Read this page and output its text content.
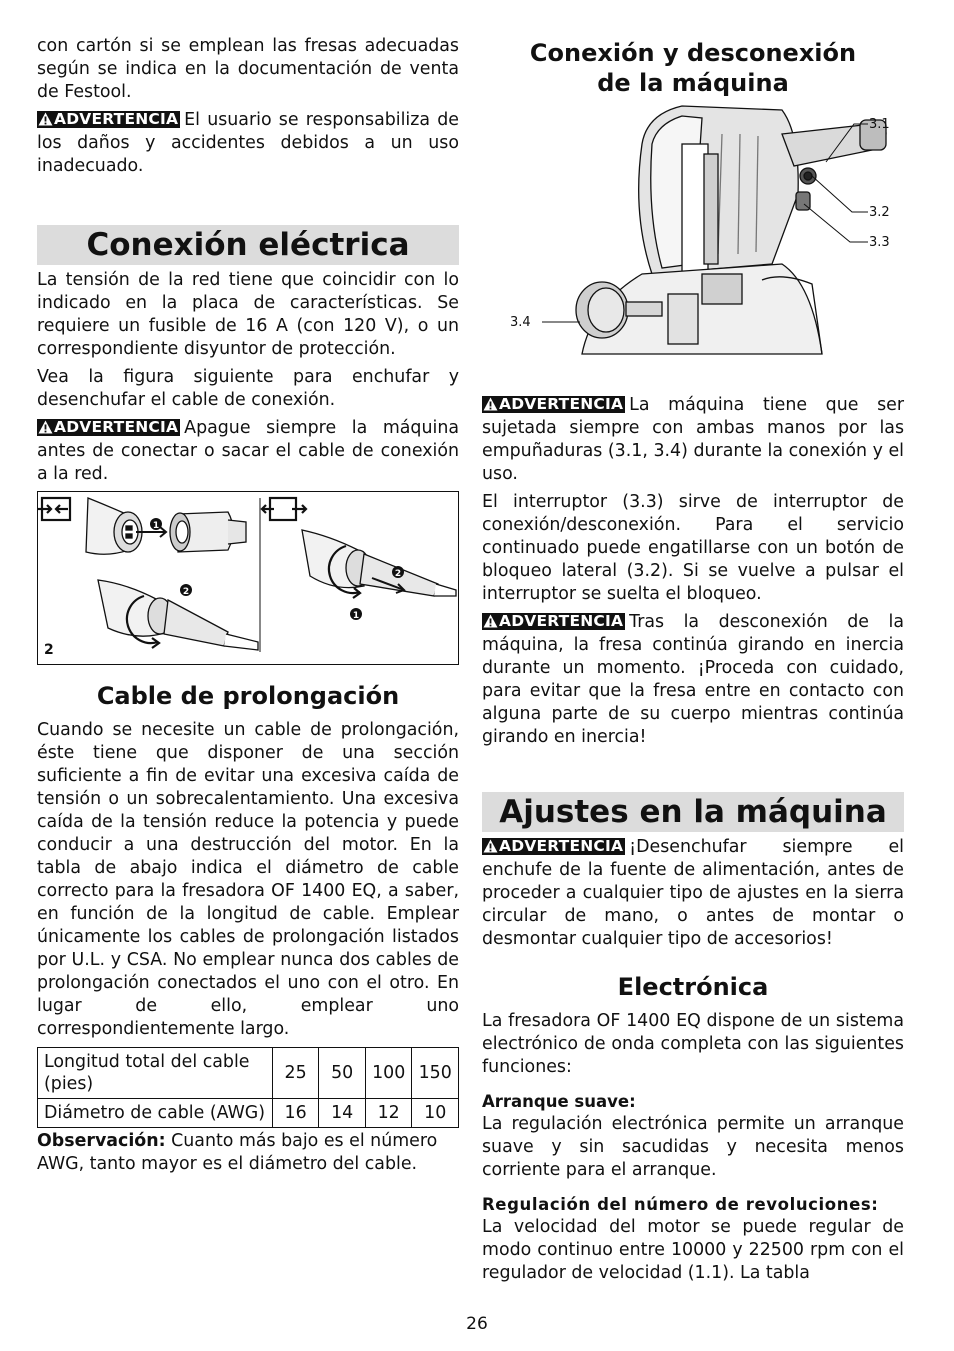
con cartón si se emplean las fresas adecuadas según se indica en la documentación de venta de Festool.

ADVERTENCIA El usuario se responsabiliza de los daños y accidentes debidos a un uso inadecuado.

Conexión eléctrica

La tensión de la red tiene que coincidir con lo indicado en la placa de características. Se requiere un fusible de 16 A (con 120 V), o un correspondiente disyuntor de protección.

Vea la figura siguiente para enchufar y desenchufar el cable de conexión.

ADVERTENCIA Apague siempre la máquina antes de conectar o sacar el cable de conexión a la red.

1
2
2
1
2
Cable de prolongación

Cuando se necesite un cable de prolongación, éste tiene que disponer de una sección suficiente a fin de evitar una excesiva caída de tensión o un sobrecalentamiento. Una excesiva caída de la tensión reduce la potencia y puede conducir a una destrucción del motor. En la tabla de abajo indica el diámetro de cable correcto para la fresadora OF 1400 EQ, a saber, en función de la longitud de cable. Emplear únicamente los cables de prolongación listados por U.L. y CSA. No emplear nunca dos cables de prolongación conectados el uno con el otro. En lugar de ello, emplear uno correspondientemente largo.

Longitud total del cable (pies)	25	50	100	150
Diámetro de cable (AWG)	16	14	12	10

Observación: Cuanto más bajo es el número AWG, tanto mayor es el diámetro del cable.

Conexión y desconexión de la máquina
3.1
3.2
3.3
3.4

ADVERTENCIA La máquina tiene que ser sujetada siempre con ambas manos por las empuñaduras (3.1, 3.4) durante la conexión y el uso.

El interruptor (3.3) sirve de interruptor de conexión/desconexión. Para el servicio continuado puede engatillarse con un botón de bloqueo lateral (3.2). Si se vuelve a pulsar el interruptor se suelta el bloqueo.

ADVERTENCIA Tras la desconexión de la máquina, la fresa continúa girando en inercia durante un momento. ¡Proceda con cuidado, para evitar que la fresa entre en contacto con alguna parte de su cuerpo mientras continúa girando en inercia!

Ajustes en la máquina

ADVERTENCIA ¡Desenchufar siempre el enchufe de la fuente de alimentación, antes de proceder a cualquier tipo de ajustes en la sierra circular de mano, o antes de montar o desmontar cualquier tipo de accesorios!

Electrónica

La fresadora OF 1400 EQ dispone de un sistema electrónico de onda completa con las siguientes funciones:

Arranque suave:

La regulación electrónica permite un arranque suave y sin sacudidas y necesita menos corriente para el arranque.

Regulación del número de revoluciones:

La velocidad del motor se puede regular de modo continuo entre 10000 y 22500 rpm con el regulador de velocidad (1.1). La tabla

26
